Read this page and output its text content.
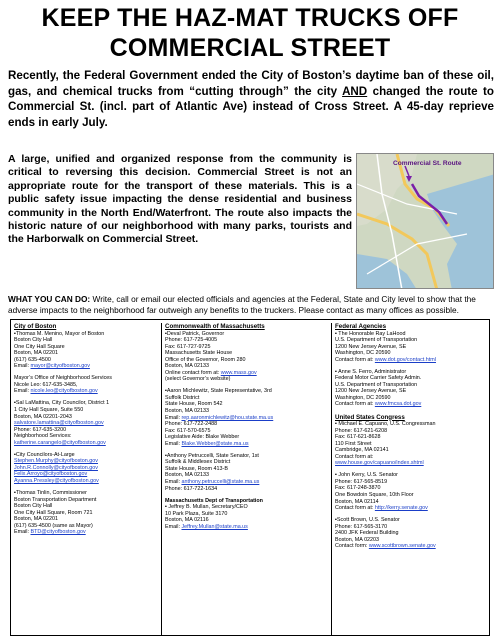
KEEP THE HAZ-MAT TRUCKS OFF
COMMERCIAL STREET
Recently, the Federal Government ended the City of Boston’s daytime ban of these oil, gas, and chemical trucks from “cutting through” the city AND changed the route to Commercial St. (incl. part of Atlantic Ave) instead of Cross Street. A 45-day reprieve ends in early July.
A large, unified and organized response from the community is critical to reversing this decision. Commercial Street is not an appropriate route for the transport of these materials. This is a public safety issue impacting the dense residential and business community in the North End/Waterfront. The route also impacts the historic nature of our neighborhood with many parks, tourists and the Harborwalk on Commercial Street.
Commercial St. Route
WHAT YOU CAN DO: Write, call or email our elected officials and agencies at the Federal, State and City level to show that the adverse impacts to the neighborhood far outweigh any benefits to the truckers. Please contact as many offices as possible.
City of Boston
▪Thomas M. Menino, Mayor of Boston
Boston City Hall
One City Hall Square
Boston, MA 02201
(617) 635-4500
Email: mayor@cityofboston.gov
Mayor’s Office of Neighborhood Services
Nicole Leo: 617-635-3485,
Email: nicole.leo@cityofboston.gov
▪Sal LaMattina, City Councilor, District 1
1 City Hall Square, Suite 550
Boston, MA 02201-2043
salvatore.lamattina@cityofboston.gov
Phone: 617-635-3200
Neighborhood Services:
katherine.carangelo@cityofboston.gov
▪City Councilors-At-Large
Stephen.Murphy@cityofboston.gov
John.R.Connolly@cityofboston.gov
Felix.Arroyo@cityofboston.gov
Ayanna.Pressley@cityofboston.gov
▪Thomas Tinlin, Commissioner
Boston Transportation Department
Boston City Hall
One City Hall Square, Room 721
Boston, MA 02201
(617) 635-4500 (same as Mayor)
Email: BTD@cityofboston.gov
Commonwealth of Massachusetts
▪Deval Patrick, Governor
Phone: 617-725-4005
Fax: 617-727-9725
Massachusetts State House
Office of the Governor, Room 280
Boston, MA 02133
Online contact form at: www.mass.gov
(select Governor’s website)
▪Aaron Michlewitz, State Representative, 3rd
Suffolk District
State House, Room 542
Boston, MA 02133
Email: rep.aaronmichlewitz@hou.state.ma.us
Phone: 617-722-2488
Fax: 617-570-6575
Legislative Aide: Blake Webber
Email: Blake.Webber@state.ma.us
▪Anthony Petruccelli, State Senator, 1st
Suffolk & Middlesex District
State House, Room 413-B
Boston, MA 02133
Email: anthony.petruccelli@state.ma.us
Phone: 617-722-1634
Massachusetts Dept of Transportation
▪ Jeffrey B. Mullan, Secretary/CEO
10 Park Plaza, Suite 3170
Boston, MA 02116
Email: Jeffrey.Mullan@state.ma.us
Federal Agencies
▪ The Honorable Ray LaHood
U.S. Department of Transportation
1200 New Jersey Avenue, SE
Washington, DC 20590
Contact form at: www.dot.gov/contact.html
▪ Anne S. Ferro, Administrator
Federal Motor Carrier Safety Admin.
U.S. Department of Transportation
1200 New Jersey Avenue, SE
Washington, DC 20590
Contact form at: www.fmcsa.dot.gov
United States Congress
▪ Michael E. Capuano, U.S. Congressman
Phone: 617-621-6208
Fax: 617-621-8628
110 First Street
Cambridge, MA 02141
Contact form at:
www.house.gov/capuano/index.shtml
▪ John Kerry, U.S. Senator
Phone: 617-565-8519
Fax: 617-248-3870
One Bowdoin Square, 10th Floor
Boston, MA 02114
Contact form at: http://kerry.senate.gov
▪Scott Brown, U.S. Senator
Phone: 617-565-3170
2400 JFK Federal Building
Boston, MA 02203
Contact form: www.scottbrown.senate.gov
